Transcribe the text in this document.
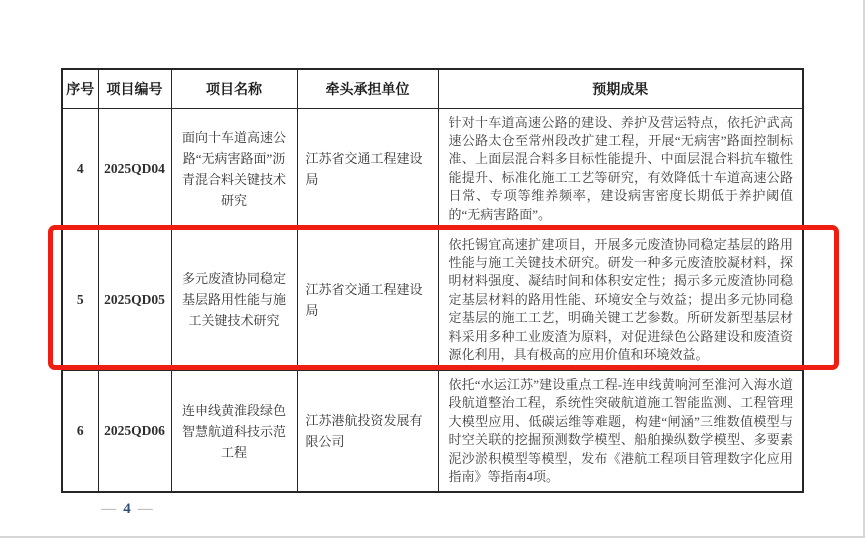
序号	项目编号	项目名称	牵头承担单位	预期成果
4	2025QD04	面向十车道高速公路“无病害路面”沥青混合料关键技术研究	江苏省交通工程建设局	针对十车道高速公路的建设、养护及营运特点，依托沪武高速公路太仓至常州段改扩建工程，开展“无病害”路面控制标准、上面层混合料多目标性能提升、中面层混合料抗车辙性能提升、标准化施工工艺等研究，有效降低十车道高速公路日常、专项等维养频率，建设病害密度长期低于养护阈值的“无病害路面”。
5	2025QD05	多元废渣协同稳定基层路用性能与施工关键技术研究	江苏省交通工程建设局	依托锡宜高速扩建项目，开展多元废渣协同稳定基层的路用性能与施工关键技术研究。研发一种多元废渣胶凝材料，探明材料强度、凝结时间和体积安定性；揭示多元废渣协同稳定基层材料的路用性能、环境安全与效益；提出多元协同稳定基层的施工工艺，明确关键工艺参数。所研发新型基层材料采用多种工业废渣为原料，对促进绿色公路建设和废渣资源化利用，具有极高的应用价值和环境效益。
6	2025QD06	连申线黄淮段绿色智慧航道科技示范工程	江苏港航投资发展有限公司	依托“水运江苏”建设重点工程-连申线黄响河至淮河入海水道段航道整治工程，系统性突破航道施工智能监测、工程管理大模型应用、低碳运维等难题，构建“闸涵”三维数值模型与时空关联的挖掘预测数学模型、船舶操纵数学模型、多要素泥沙淤积模型等模型，发布《港航工程项目管理数字化应用指南》等指南4项。
— 4 —
